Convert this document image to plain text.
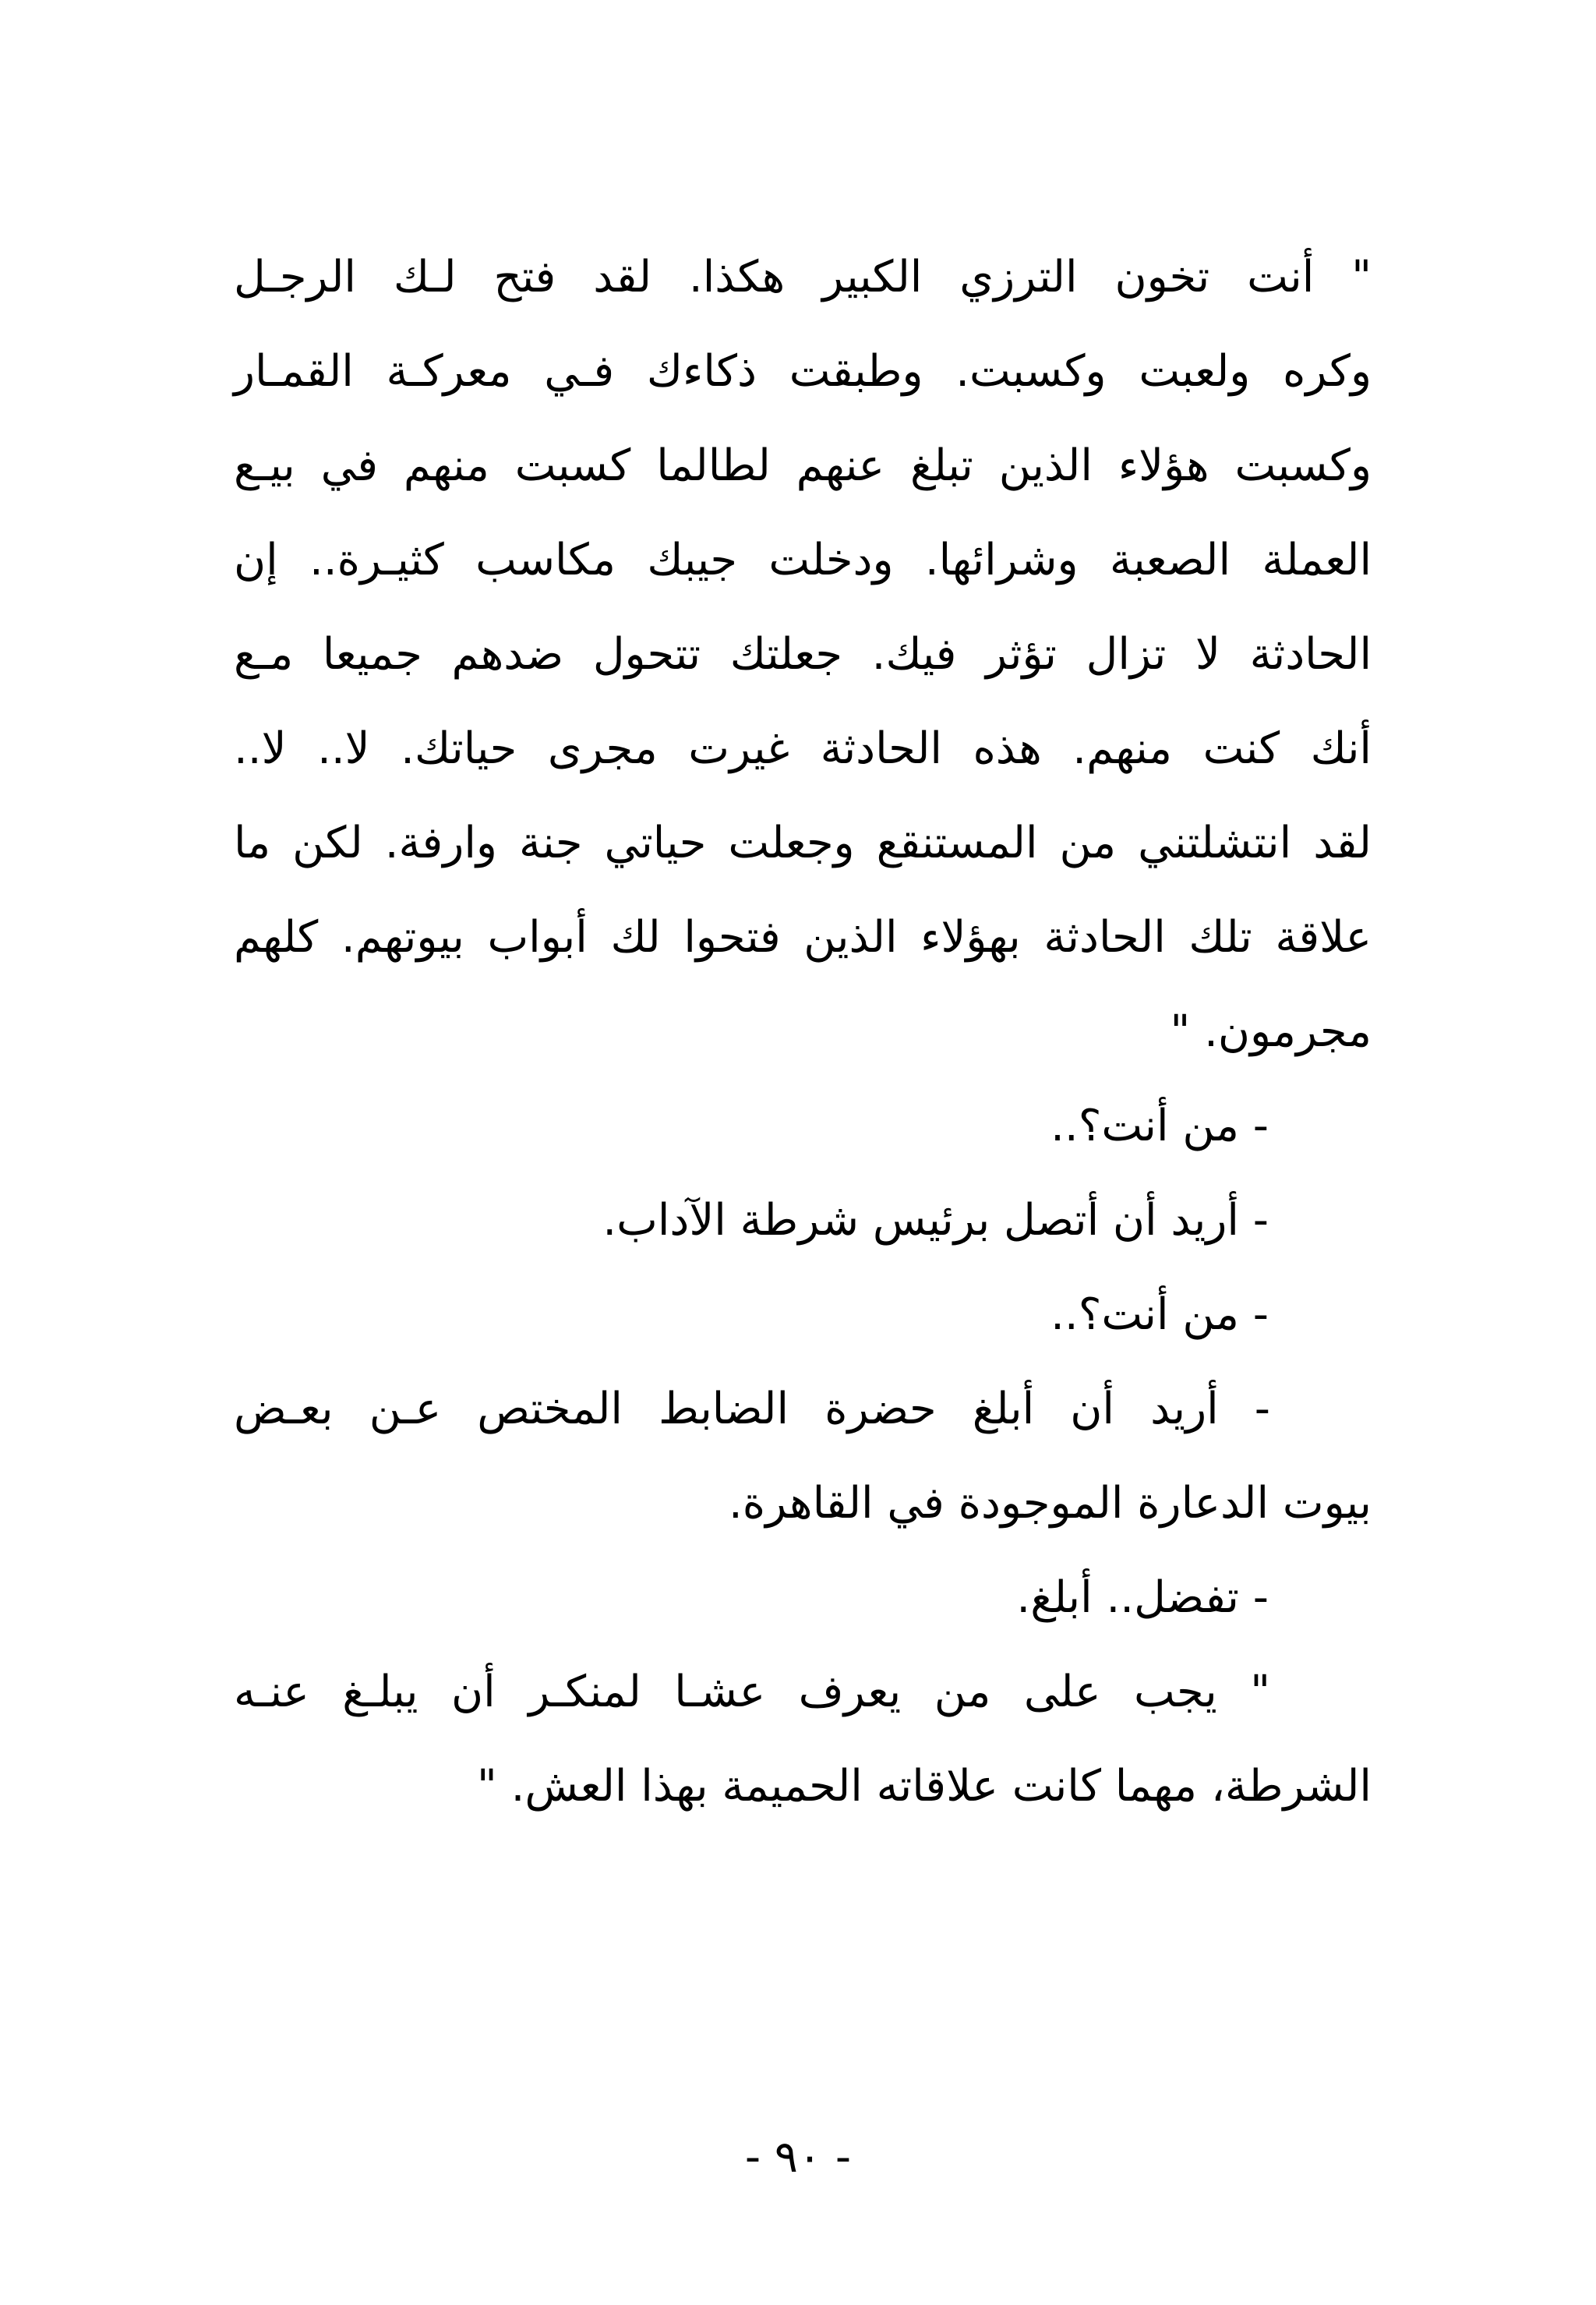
" أنت تخون الترزي الكبير هكذا. لقد فتح لـك الرجـل
وكره ولعبت وكسبت. وطبقت ذكاءك فـي معركـة القمـار
وكسبت هؤلاء الذين تبلغ عنهم لطالما كسبت منهم في بيـع
العملة الصعبة وشرائها. ودخلت جيبك مكاسب كثيـرة.. إن
الحادثة لا تزال تؤثر فيك. جعلتك تتحول ضدهم جميعا مـع
أنك كنت منهم. هذه الحادثة غيرت مجرى حياتك. لا.. لا..
لقد انتشلتني من المستنقع وجعلت حياتي جنة وارفة. لكن ما
علاقة تلك الحادثة بهؤلاء الذين فتحوا لك أبواب بيوتهم. كلهم
مجرمون. "
- من أنت؟..
- أريد أن أتصل برئيس شرطة الآداب.
- من أنت؟..
- أريد أن أبلغ حضرة الضابط المختص عـن بعـض
بيوت الدعارة الموجودة في القاهرة.
- تفضل.. أبلغ.
" يجب على من يعرف عشـا لمنكـر أن يبلـغ عنـه
الشرطة، مهما كانت علاقاته الحميمة بهذا العش. "
- ٩٠ -
